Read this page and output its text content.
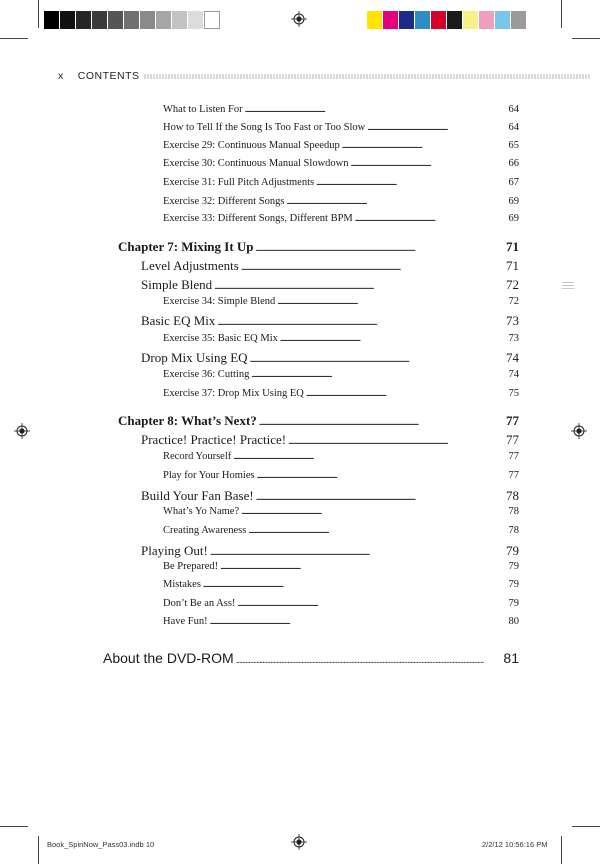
x CONTENTS
What to Listen For . . .	64
How to Tell If the Song Is Too Fast or Too Slow . . .	64
Exercise 29: Continuous Manual Speedup . . .	65
Exercise 30: Continuous Manual Slowdown . . .	66
Exercise 31: Full Pitch Adjustments . . .	67
Exercise 32: Different Songs . . .	69
Exercise 33: Different Songs, Different BPM . . .	69
Chapter 7: Mixing It Up . . .	71
Level Adjustments . . .	71
Simple Blend . . .	72
Exercise 34: Simple Blend . . .	72
Basic EQ Mix . . .	73
Exercise 35: Basic EQ Mix . . .	73
Drop Mix Using EQ . . .	74
Exercise 36: Cutting . . .	74
Exercise 37: Drop Mix Using EQ . . .	75
Chapter 8: What’s Next? . . .	77
Practice! Practice! Practice! . . .	77
Record Yourself . . .	77
Play for Your Homies . . .	77
Build Your Fan Base! . . .	78
What’s Yo Name? . . .	78
Creating Awareness . . .	78
Playing Out! . . .	79
Be Prepared! . . .	79
Mistakes . . .	79
Don’t Be an Ass! . . .	79
Have Fun! . . .	80
About the DVD-ROM . . .	81
Book_SpinNow_Pass03.indb 10	2/2/12 10:56:16 PM
